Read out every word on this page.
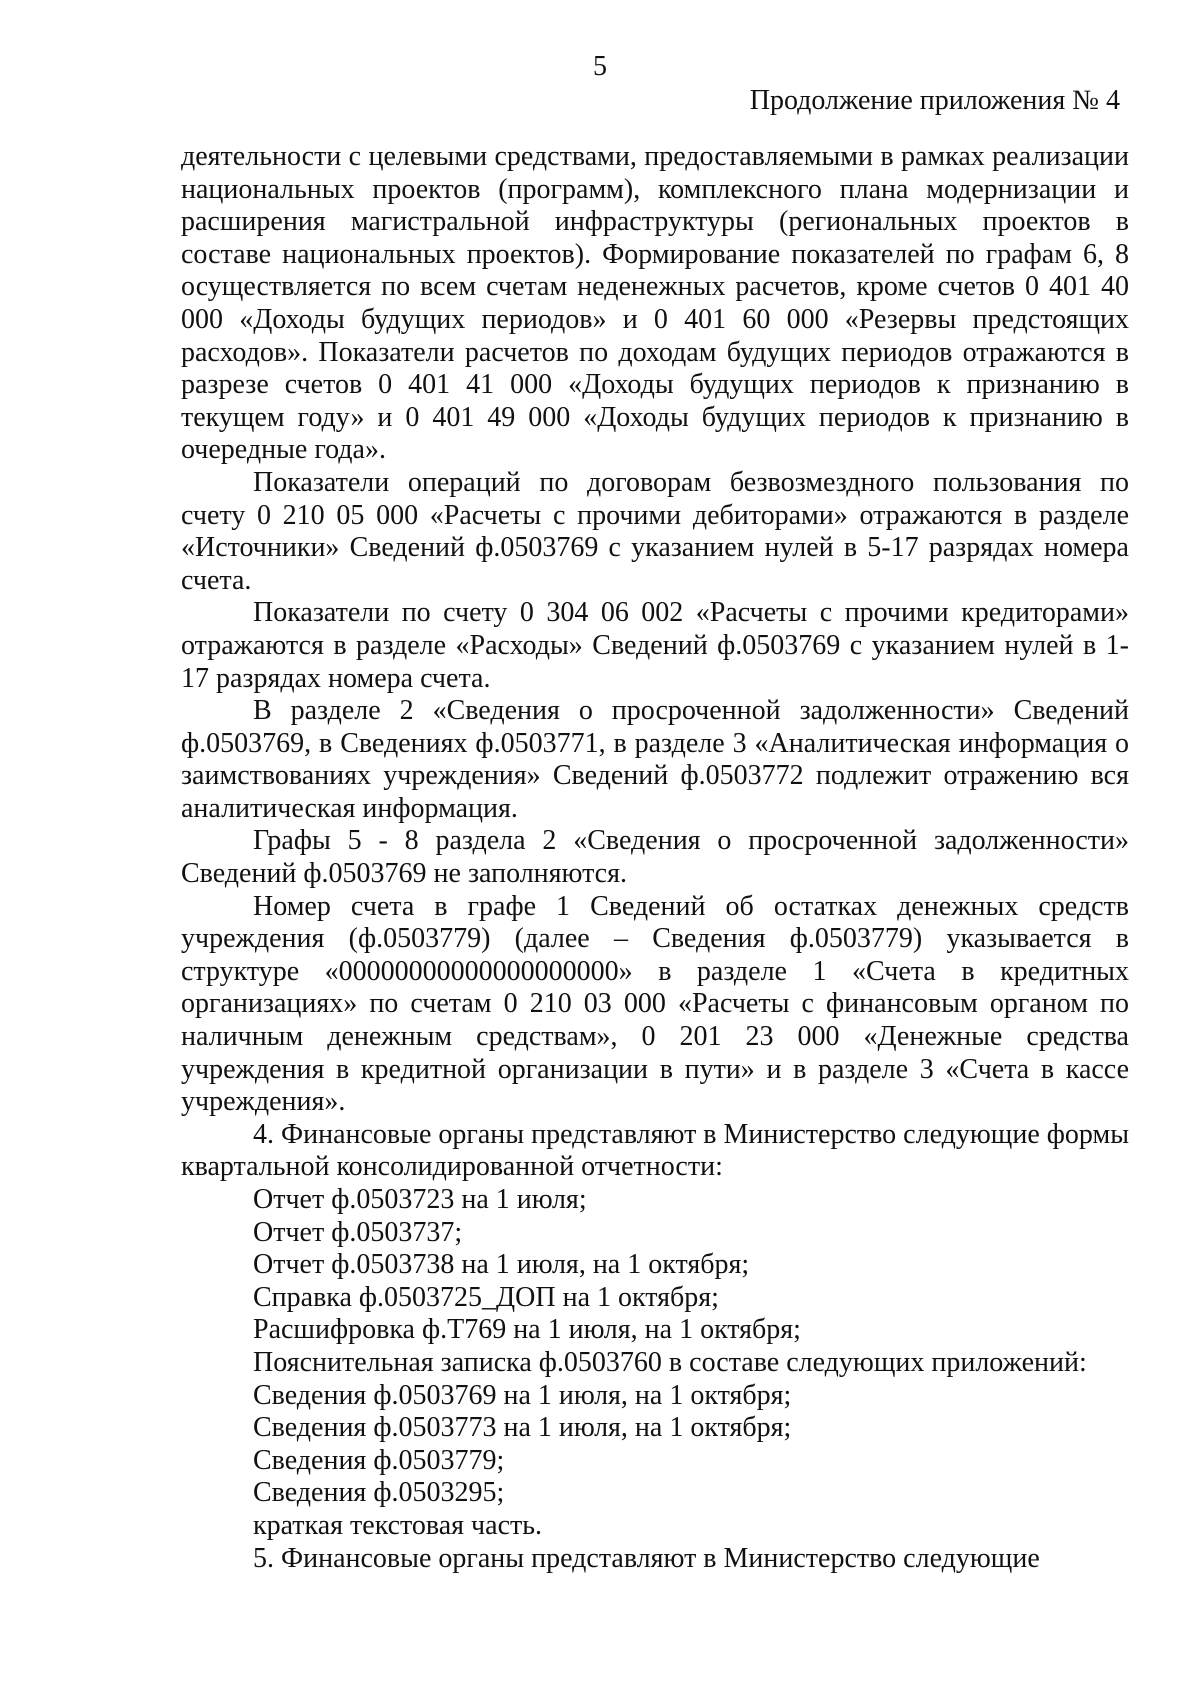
5
Продолжение приложения № 4

деятельности с целевыми средствами, предоставляемыми в рамках реализации национальных проектов (программ), комплексного плана модернизации и расширения магистральной инфраструктуры (региональных проектов в составе национальных проектов). Формирование показателей по графам 6, 8 осуществляется по всем счетам неденежных расчетов, кроме счетов 0 401 40 000 «Доходы будущих периодов» и 0 401 60 000 «Резервы предстоящих расходов». Показатели расчетов по доходам будущих периодов отражаются в разрезе счетов 0 401 41 000 «Доходы будущих периодов к признанию в текущем году» и 0 401 49 000 «Доходы будущих периодов к признанию в очередные года».

Показатели операций по договорам безвозмездного пользования по счету 0 210 05 000 «Расчеты с прочими дебиторами» отражаются в разделе «Источники» Сведений ф.0503769 с указанием нулей в 5-17 разрядах номера счета.

Показатели по счету 0 304 06 002 «Расчеты с прочими кредиторами» отражаются в разделе «Расходы» Сведений ф.0503769 с указанием нулей в 1-17 разрядах номера счета.

В разделе 2 «Сведения о просроченной задолженности» Сведений ф.0503769, в Сведениях ф.0503771, в разделе 3 «Аналитическая информация о заимствованиях учреждения» Сведений ф.0503772 подлежит отражению вся аналитическая информация.

Графы 5 - 8 раздела 2 «Сведения о просроченной задолженности» Сведений ф.0503769 не заполняются.

Номер счета в графе 1 Сведений об остатках денежных средств учреждения (ф.0503779) (далее – Сведения ф.0503779) указывается в структуре «00000000000000000000» в разделе 1 «Счета в кредитных организациях» по счетам 0 210 03 000 «Расчеты с финансовым органом по наличным денежным средствам», 0 201 23 000 «Денежные средства учреждения в кредитной организации в пути» и в разделе 3 «Счета в кассе учреждения».

4. Финансовые органы представляют в Министерство следующие формы квартальной консолидированной отчетности:

Отчет ф.0503723 на 1 июля;
Отчет ф.0503737;
Отчет ф.0503738 на 1 июля, на 1 октября;
Справка ф.0503725_ДОП на 1 октября;
Расшифровка ф.Т769 на 1 июля, на 1 октября;
Пояснительная записка ф.0503760 в составе следующих приложений:
Сведения ф.0503769 на 1 июля, на 1 октября;
Сведения ф.0503773 на 1 июля, на 1 октября;
Сведения ф.0503779;
Сведения ф.0503295;
краткая текстовая часть.

5. Финансовые органы представляют в Министерство следующие
